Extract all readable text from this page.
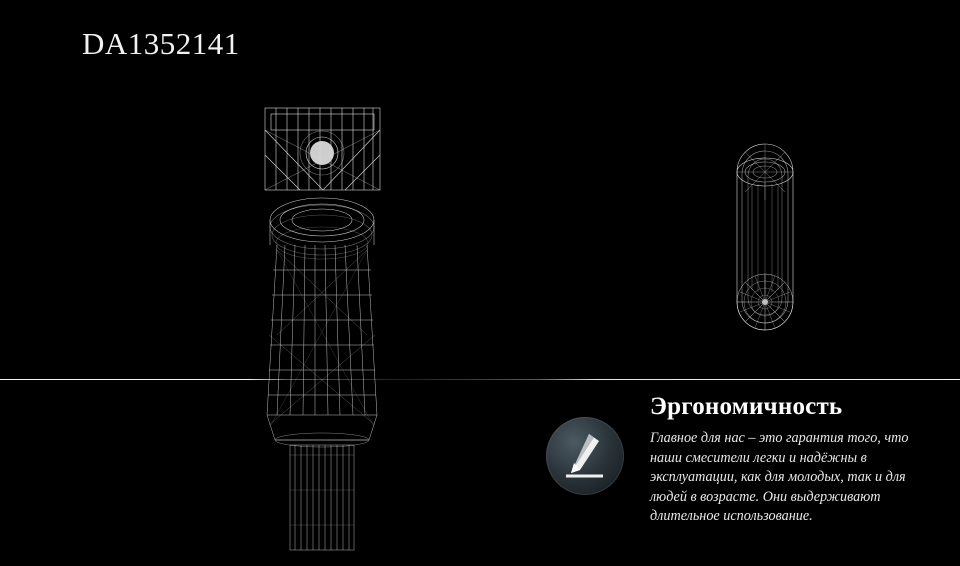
DA1352141
Эргономичность
Главное для нас – это гарантия того, что наши смесители легки и надёжны в эксплуатации, как для молодых, так и для людей в возрасте. Они выдерживают длительное использование.
